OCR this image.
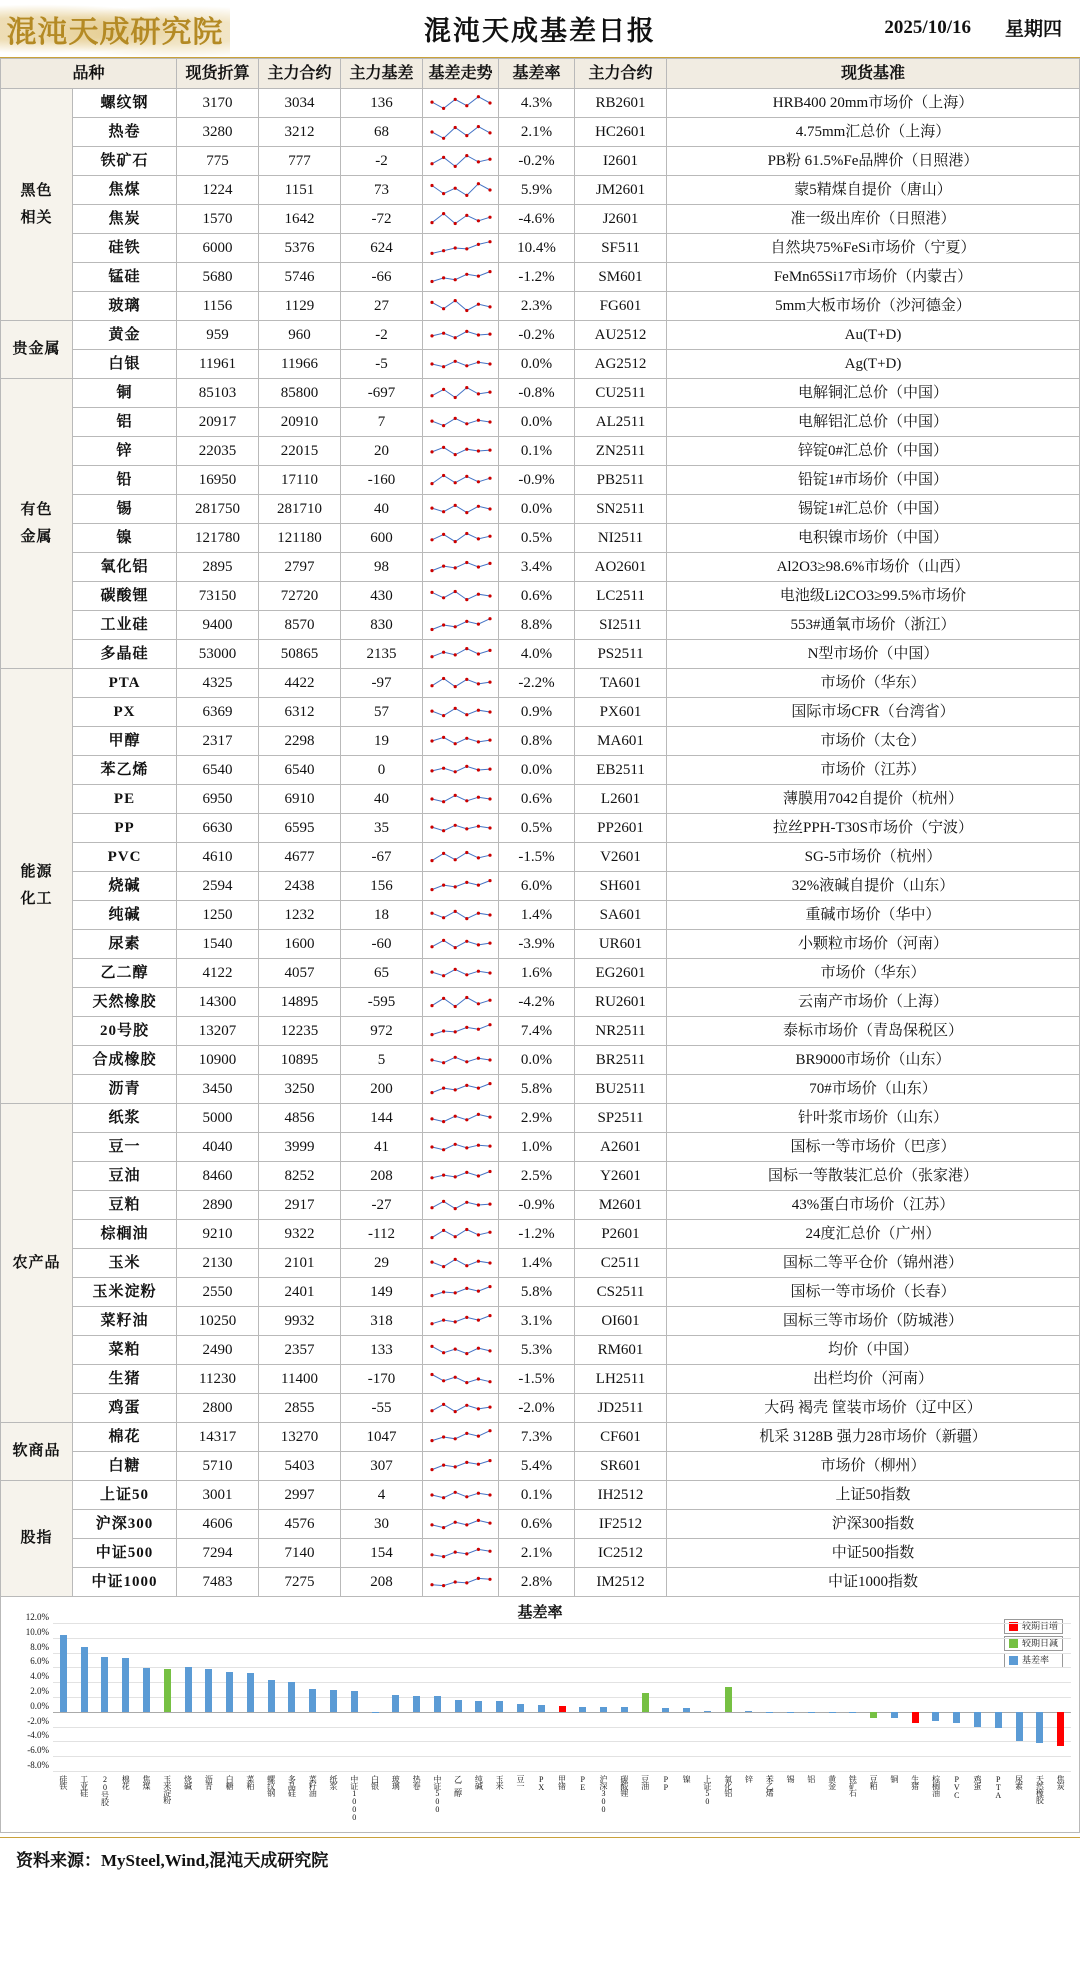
混沌天成研究院	混沌天成基差日报	2025/10/16 星期四
品种		现货折算	主力合约	主力基差	基差走势	基差率	主力合约	现货基准
黑色
相关	螺纹钢	3170	3034	136		4.3%	RB2601	HRB400 20mm市场价（上海）
	热卷	3280	3212	68		2.1%	HC2601	4.75mm汇总价（上海）
	铁矿石	775	777	-2		-0.2%	I2601	PB粉 61.5%Fe品牌价（日照港）
	焦煤	1224	1151	73		5.9%	JM2601	蒙5精煤自提价（唐山）
	焦炭	1570	1642	-72		-4.6%	J2601	准一级出库价（日照港）
	硅铁	6000	5376	624		10.4%	SF511	自然块75%FeSi市场价（宁夏）
	锰硅	5680	5746	-66		-1.2%	SM601	FeMn65Si17市场价（内蒙古）
	玻璃	1156	1129	27		2.3%	FG601	5mm大板市场价（沙河德金）
贵金属	黄金	959	960	-2		-0.2%	AU2512	Au(T+D)
	白银	11961	11966	-5		0.0%	AG2512	Ag(T+D)
有色
金属	铜	85103	85800	-697		-0.8%	CU2511	电解铜汇总价（中国）
	铝	20917	20910	7		0.0%	AL2511	电解铝汇总价（中国）
	锌	22035	22015	20		0.1%	ZN2511	锌锭0#汇总价（中国）
	铅	16950	17110	-160		-0.9%	PB2511	铅锭1#市场价（中国）
	锡	281750	281710	40		0.0%	SN2511	锡锭1#汇总价（中国）
	镍	121780	121180	600		0.5%	NI2511	电积镍市场价（中国）
	氧化铝	2895	2797	98		3.4%	AO2601	Al2O3≥98.6%市场价（山西）
	碳酸锂	73150	72720	430		0.6%	LC2511	电池级Li2CO3≥99.5%市场价
	工业硅	9400	8570	830		8.8%	SI2511	553#通氧市场价（浙江）
	多晶硅	53000	50865	2135		4.0%	PS2511	N型市场价（中国）
能源
化工	PTA	4325	4422	-97		-2.2%	TA601	市场价（华东）
	PX	6369	6312	57		0.9%	PX601	国际市场CFR（台湾省）
	甲醇	2317	2298	19		0.8%	MA601	市场价（太仓）
	苯乙烯	6540	6540	0		0.0%	EB2511	市场价（江苏）
	PE	6950	6910	40		0.6%	L2601	薄膜用7042自提价（杭州）
	PP	6630	6595	35		0.5%	PP2601	拉丝PPH-T30S市场价（宁波）
	PVC	4610	4677	-67		-1.5%	V2601	SG-5市场价（杭州）
	烧碱	2594	2438	156		6.0%	SH601	32%液碱自提价（山东）
	纯碱	1250	1232	18		1.4%	SA601	重碱市场价（华中）
	尿素	1540	1600	-60		-3.9%	UR601	小颗粒市场价（河南）
	乙二醇	4122	4057	65		1.6%	EG2601	市场价（华东）
	天然橡胶	14300	14895	-595		-4.2%	RU2601	云南产市场价（上海）
	20号胶	13207	12235	972		7.4%	NR2511	泰标市场价（青岛保税区）
	合成橡胶	10900	10895	5		0.0%	BR2511	BR9000市场价（山东）
	沥青	3450	3250	200		5.8%	BU2511	70#市场价（山东）
农产品	纸浆	5000	4856	144		2.9%	SP2511	针叶浆市场价（山东）
	豆一	4040	3999	41		1.0%	A2601	国标一等市场价（巴彦）
	豆油	8460	8252	208		2.5%	Y2601	国标一等散装汇总价（张家港）
	豆粕	2890	2917	-27		-0.9%	M2601	43%蛋白市场价（江苏）
	棕榈油	9210	9322	-112		-1.2%	P2601	24度汇总价（广州）
	玉米	2130	2101	29		1.4%	C2511	国标二等平仓价（锦州港）
	玉米淀粉	2550	2401	149		5.8%	CS2511	国标一等市场价（长春）
	菜籽油	10250	9932	318		3.1%	OI601	国标三等市场价（防城港）
	菜粕	2490	2357	133		5.3%	RM601	均价（中国）
	生猪	11230	11400	-170		-1.5%	LH2511	出栏均价（河南）
	鸡蛋	2800	2855	-55		-2.0%	JD2511	大码 褐壳 筐装市场价（辽中区）
软商品	棉花	14317	13270	1047		7.3%	CF601	机采 3128B 强力28市场价（新疆）
	白糖	5710	5403	307		5.4%	SR601	市场价（柳州）
股指	上证50	3001	2997	4		0.1%	IH2512	上证50指数
	沪深300	4606	4576	30		0.6%	IF2512	沪深300指数
	中证500	7294	7140	154		2.1%	IC2512	中证500指数
	中证1000	7483	7275	208		2.8%	IM2512	中证1000指数
基差率
较期日增
较期日减
基差率
12.0%
10.0%
8.0%
6.0%
4.0%
2.0%
0.0%
-2.0%
-4.0%
-6.0%
-8.0%
硅铁 工业硅 20号胶 棉花 焦煤 玉米淀粉 烧碱 沥青 白糖 菜粕 螺纹钢 多晶硅 菜籽油 纸浆 中证1000 白银 玻璃 热卷 中证500 乙二醇 纯碱 玉米 豆一 PX 甲锗 PE 沪深300 碳酸锂 豆油 PP 镍 上证50 氧化铝 锌 苯乙烯 锡 铝 黄金 铁矿石 豆粕 铜 生猪 棕榈油 PVC 鸡蛋 PTA 尿素 天然橡胶 焦炭
资料来源：MySteel,Wind,混沌天成研究院
